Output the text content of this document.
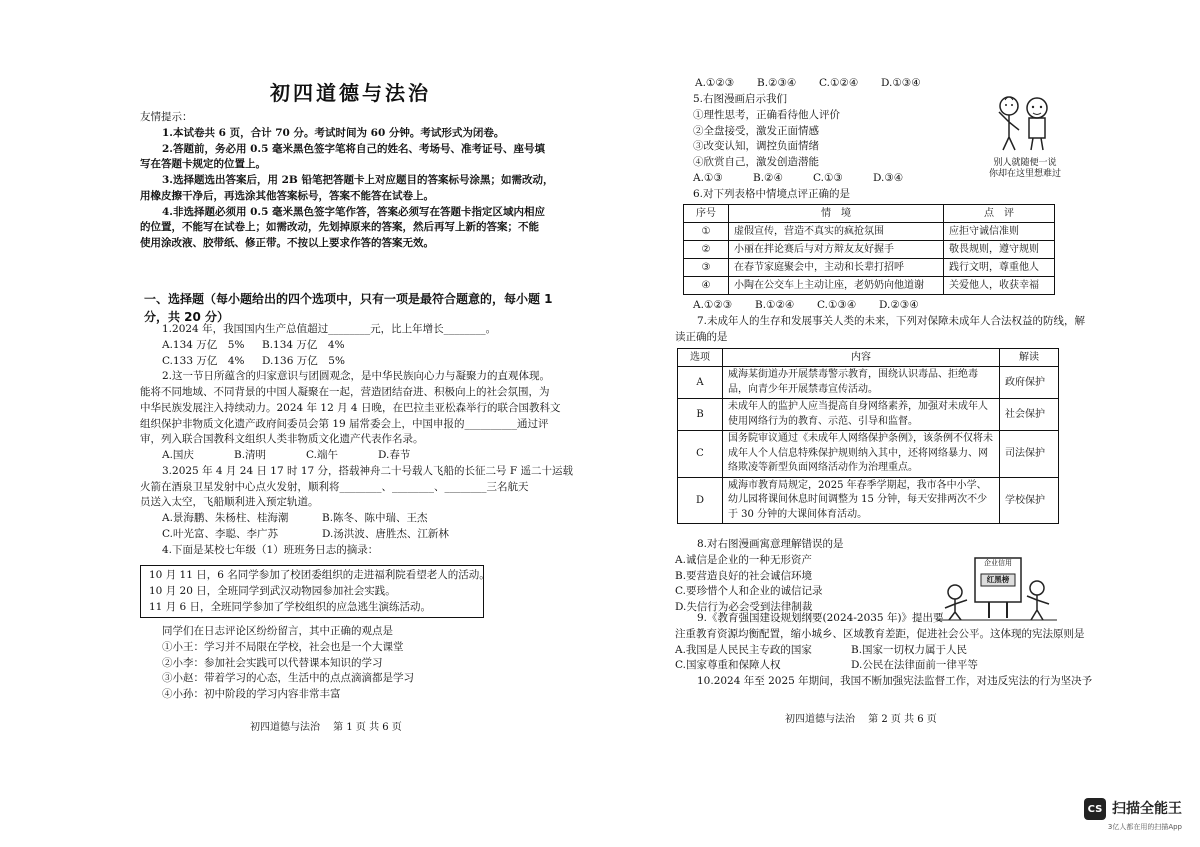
初四道德与法治

友情提示：

1.本试卷共 6 页，合计 70 分。考试时间为 60 分钟。考试形式为闭卷。

2.答题前，务必用 0.5 毫米黑色签字笔将自己的姓名、考场号、准考证号、座号填

写在答题卡规定的位置上。

3.选择题选出答案后，用 2B 铅笔把答题卡上对应题目的答案标号涂黑；如需改动，

用橡皮擦干净后，再选涂其他答案标号，答案不能答在试卷上。

4.非选择题必须用 0.5 毫米黑色签字笔作答，答案必须写在答题卡指定区域内相应

的位置，不能写在试卷上；如需改动，先划掉原来的答案，然后再写上新的答案；不能

使用涂改液、胶带纸、修正带。不按以上要求作答的答案无效。

一、选择题（每小题给出的四个选项中，只有一项是最符合题意的，每小题 1

分，共 20 分）

1.2024 年，我国国内生产总值超过________元，比上年增长________。

A.134 万亿　5% B.134 万亿　4%
C.133 万亿　4% D.136 万亿　5%

2.这一节日所蕴含的归家意识与团圆观念，是中华民族向心力与凝聚力的直观体现。

能将不同地域、不同背景的中国人凝聚在一起，营造团结奋进、积极向上的社会氛围，为

中华民族发展注入持续动力。2024 年 12 月 4 日晚，在巴拉圭亚松森举行的联合国教科文

组织保护非物质文化遗产政府间委员会第 19 届常委会上，中国申报的__________通过评

审，列入联合国教科文组织人类非物质文化遗产代表作名录。

A.国庆	B.清明	C.端午	D.春节

3.2025 年 4 月 24 日 17 时 17 分，搭载神舟二十号载人飞船的长征二号 F 遥二十运载

火箭在酒泉卫星发射中心点火发射，顺利将________、________、________三名航天

员送入太空，飞船顺利进入预定轨道。

A.景海鹏、朱杨柱、桂海潮	B.陈冬、陈中瑞、王杰
C.叶光富、李聪、李广苏	D.汤洪波、唐胜杰、江新林

4.下面是某校七年级（1）班班务日志的摘录：

10 月 11 日，6 名同学参加了校团委组织的走进福利院看望老人的活动。

10 月 20 日，全班同学到武汉动物园参加社会实践。

11 月 6 日，全班同学参加了学校组织的应急逃生演练活动。

同学们在日志评论区纷纷留言，其中正确的观点是

①小王：学习并不局限在学校，社会也是一个大课堂

②小李：参加社会实践可以代替课本知识的学习

③小赵：带着学习的心态，生活中的点点滴滴都是学习

④小孙：初中阶段的学习内容非常丰富

初四道德与法治　 第 1 页 共 6 页
A.①②③ B.②③④ C.①②④ D.①③④

5.右图漫画启示我们

①理性思考，正确看待他人评价

②全盘接受，激发正面情感

③改变认知，调控负面情绪

④欣赏自己，激发创造潜能

A.①③	B.②④	C.①③	D.③④

6.对下列表格中情境点评正确的是

别人就随便一说
你却在这里想难过
序号	情　境	点　评
①	虚假宣传，营造不真实的疯抢氛围	应拒守诚信准则
②	小丽在拌论赛后与对方辩友友好握手	敬畏规则，遵守规则
③	在春节家庭聚会中，主动和长辈打招呼	践行文明，尊重他人
④	小陶在公交车上主动让座，老奶奶向他道谢	关爱他人，收获幸福
A.①②③ B.①②④ C.①③④ D.②③④

7.未成年人的生存和发展事关人类的未来，下列对保障未成年人合法权益的防线，解

读正确的是

选项	内容	解读
A	威海某街道办开展禁毒警示教育，围绕认识毒品、拒绝毒品，向青少年开展禁毒宣传活动。	政府保护
B	未成年人的监护人应当提高自身网络素养，加强对未成年人使用网络行为的教育、示范、引导和监督。	社会保护
C	国务院审议通过《未成年人网络保护条例》，该条例不仅将未成年人个人信息特殊保护规则纳入其中，还将网络暴力、网络欺凌等新型负面网络活动作为治理重点。	司法保护
D	威海市教育局规定，2025 年春季学期起，我市各中小学、幼儿园将课间休息时间调整为 15 分钟，每天安排两次不少于 30 分钟的大课间体育活动。	学校保护

8.对右图漫画寓意理解错误的是

A.诚信是企业的一种无形资产

B.要营造良好的社会诚信环境

C.要珍惜个人和企业的诚信记录

D.失信行为必会受到法律制裁

企业信用
红黑榜

9.《教育强国建设规划纲要(2024-2035 年)》提出要

注重教育资源均衡配置，缩小城乡、区域教育差距，促进社会公平。这体现的宪法原则是

A.我国是人民民主专政的国家	B.国家一切权力属于人民
C.国家尊重和保障人权	D.公民在法律面前一律平等

10.2024 年至 2025 年期间，我国不断加强宪法监督工作，对违反宪法的行为坚决予

初四道德与法治　 第 2 页 共 6 页
CS 扫描全能王
3亿人都在用的扫描App
